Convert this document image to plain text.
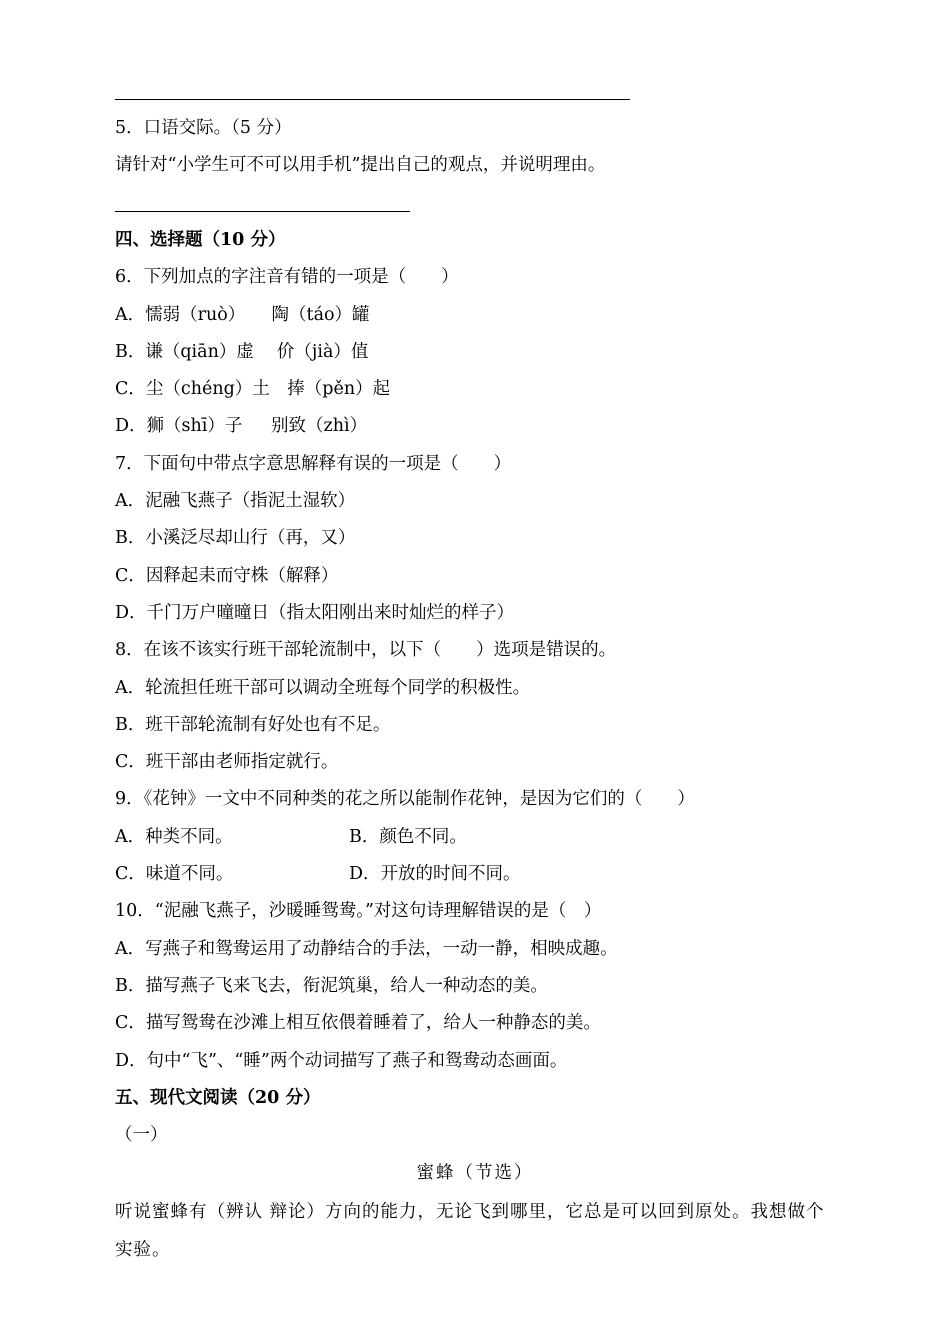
5．口语交际。（5 分）
请针对“小学生可不可以用手机”提出自己的观点，并说明理由。
四、选择题（10 分）
6．下列加点的字注音有错的一项是（　　）
A．懦弱（ruò）　　陶（táo）罐
B．谦（qiān）虚　 价（jià）值
C．尘（chéng）土　捧（pěn）起
D．狮（shī）子　  别致（zhì）
7．下面句中带点字意思解释有误的一项是（　　）
A．泥融飞燕子（指泥土湿软）
B．小溪泛尽却山行（再，又）
C．因释起耒而守株（解释）
D．千门万户曈曈日（指太阳刚出来时灿烂的样子）
8．在该不该实行班干部轮流制中，以下（　　）选项是错误的。
A．轮流担任班干部可以调动全班每个同学的积极性。
B．班干部轮流制有好处也有不足。
C．班干部由老师指定就行。
9．《花钟》一文中不同种类的花之所以能制作花钟，是因为它们的（　　）
A．种类不同。	B．颜色不同。
C．味道不同。	D．开放的时间不同。
10．“泥融飞燕子，沙暖睡鸳鸯。”对这句诗理解错误的是（　）
A．写燕子和鸳鸯运用了动静结合的手法，一动一静，相映成趣。
B．描写燕子飞来飞去，衔泥筑巢，给人一种动态的美。
C．描写鸳鸯在沙滩上相互依偎着睡着了，给人一种静态的美。
D．句中“飞”、“睡”两个动词描写了燕子和鸳鸯动态画面。
五、现代文阅读（20 分）
（一）
蜜蜂（节选）
听说蜜蜂有（辨认 辩论）方向的能力，无论飞到哪里，它总是可以回到原处。我想做个实验。
